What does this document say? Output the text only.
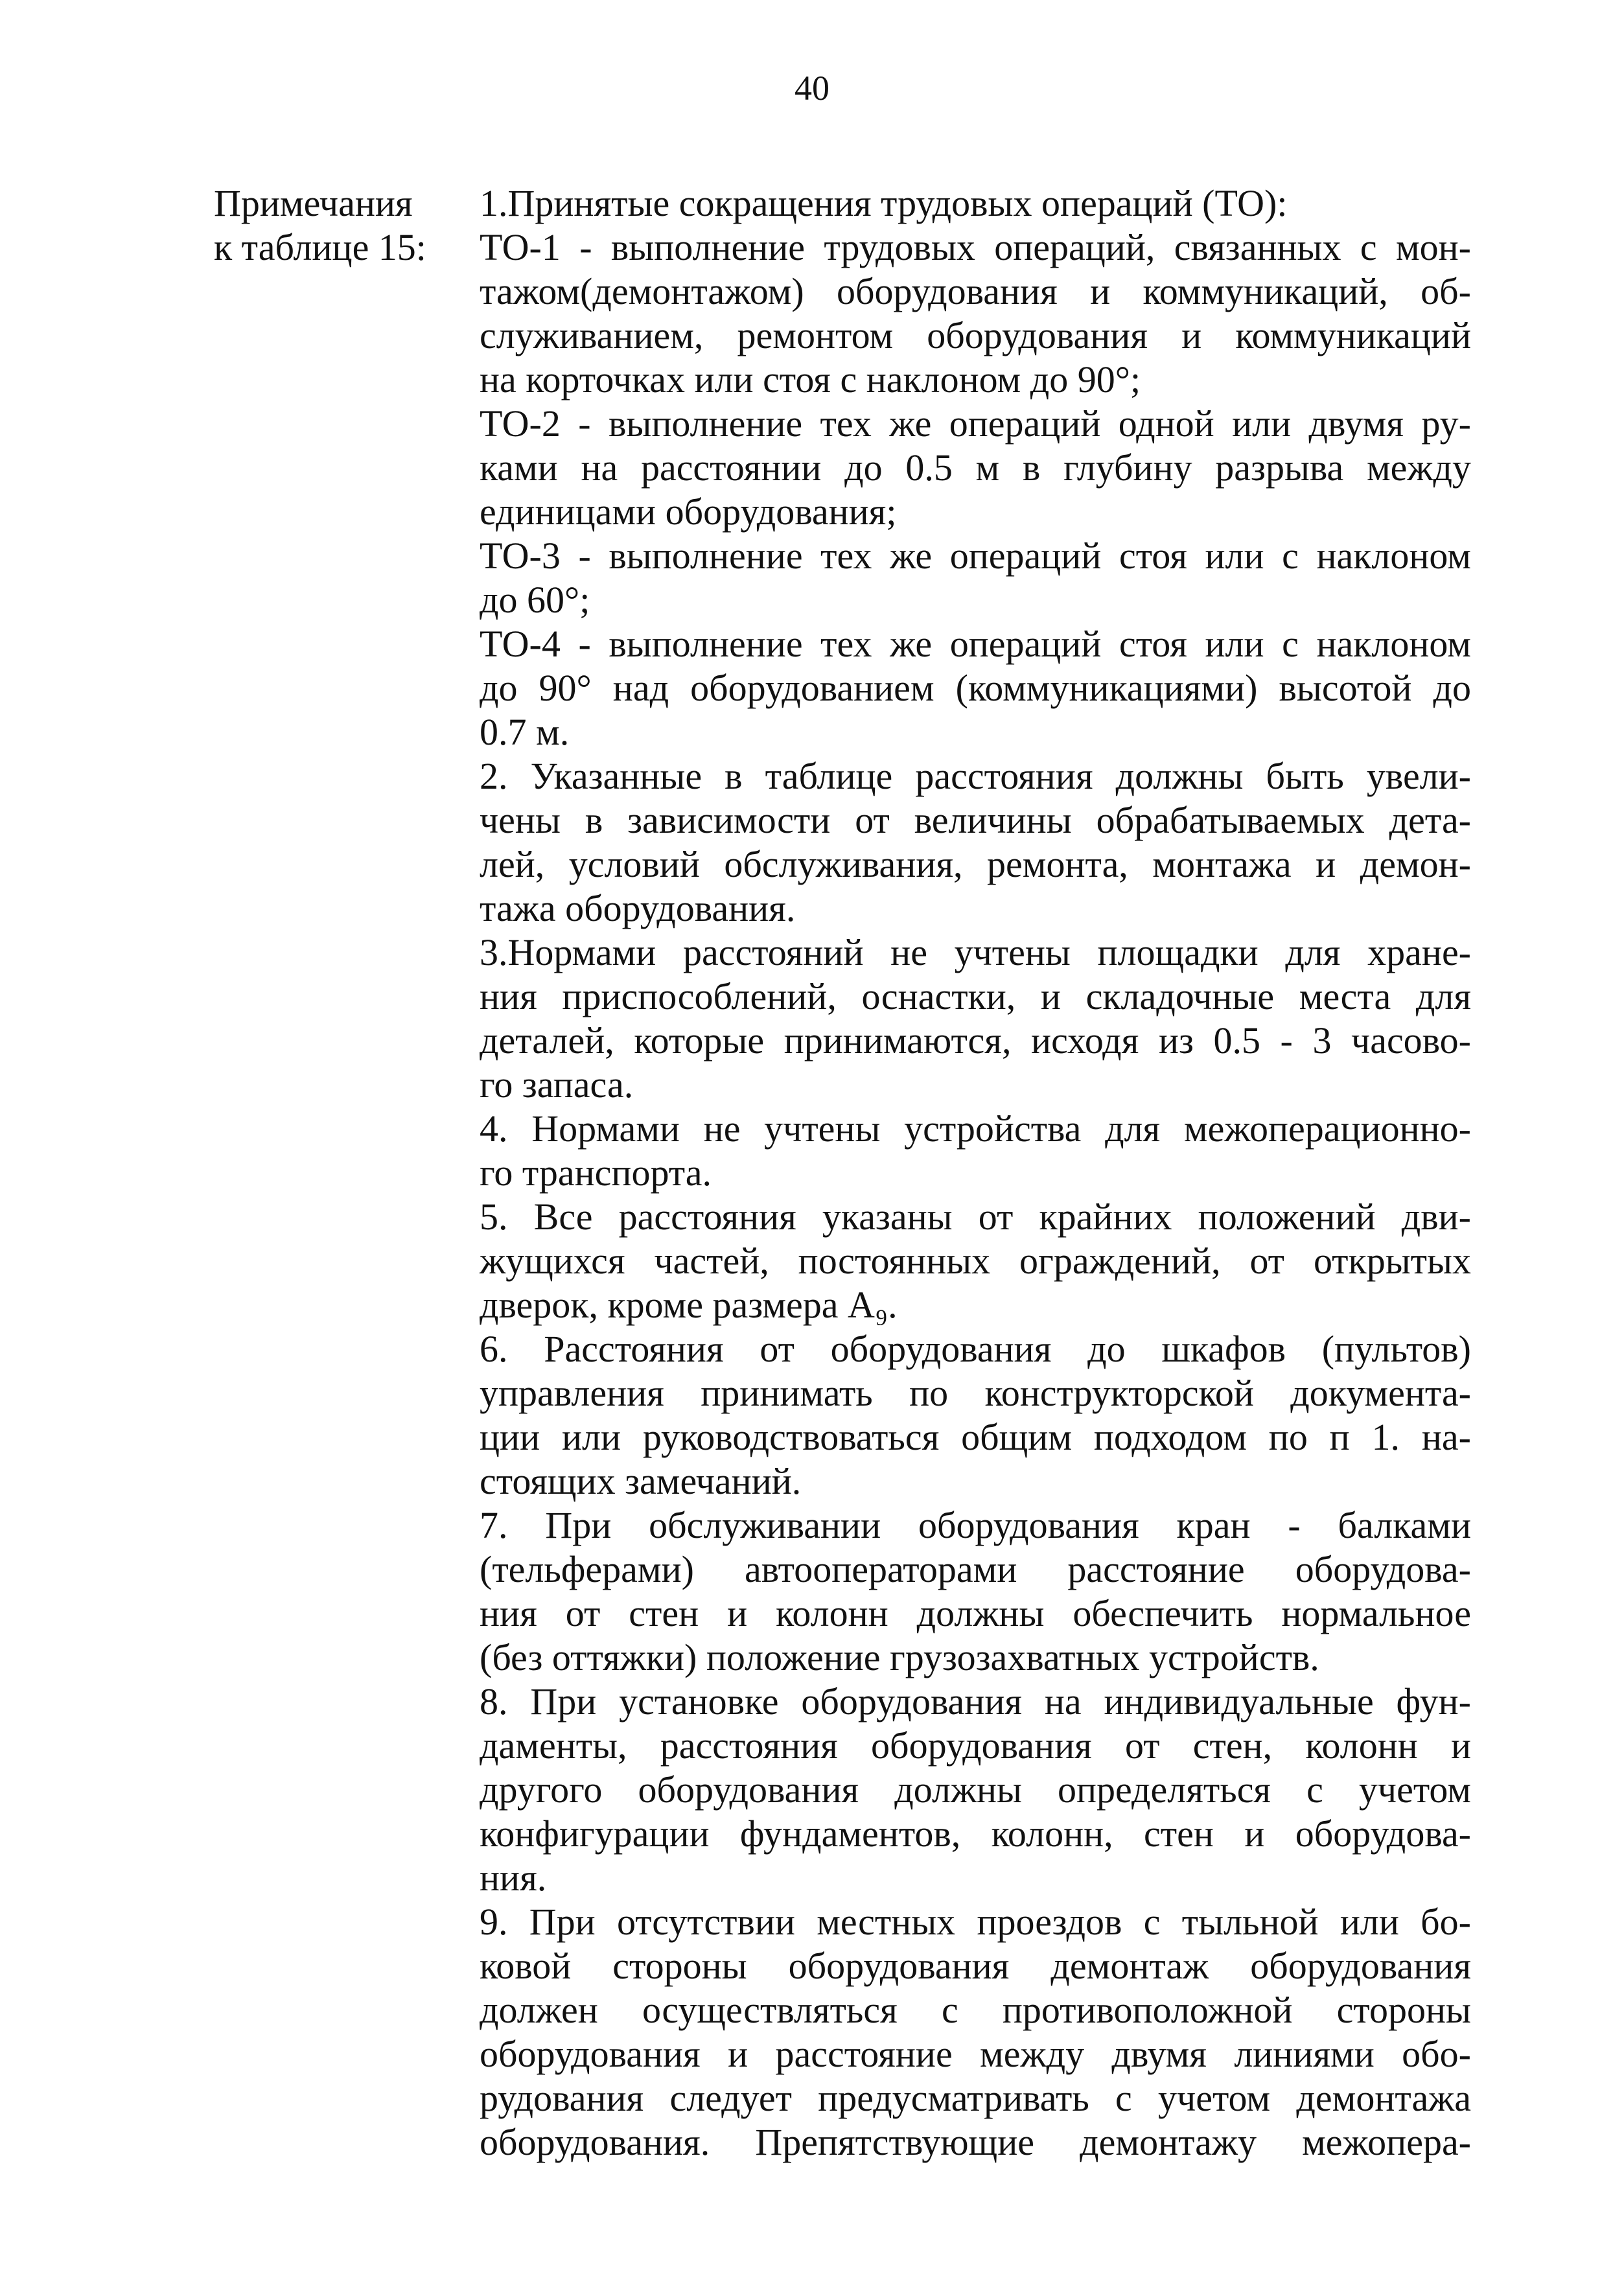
40
Примечания
к таблице 15:
1.Принятые сокращения трудовых операций (ТО):
ТО-1 - выполнение трудовых операций, связанных с мон-
тажом(демонтажом) оборудования и коммуникаций, об-
служиванием, ремонтом оборудования и коммуникаций
на корточках или стоя с наклоном до 90°;
ТО-2 - выполнение тех же операций одной или двумя ру-
ками на расстоянии до 0.5 м в глубину разрыва между
единицами оборудования;
ТО-3 - выполнение тех же операций стоя или с наклоном
до 60°;
ТО-4 - выполнение тех же операций стоя или с наклоном
до 90° над оборудованием (коммуникациями) высотой до
0.7 м.
2. Указанные в таблице расстояния должны быть увели-
чены в зависимости от величины обрабатываемых дета-
лей, условий обслуживания, ремонта, монтажа и демон-
тажа оборудования.
3.Нормами расстояний не учтены площадки для хране-
ния приспособлений, оснастки, и складочные места для
деталей, которые принимаются, исходя из 0.5 - 3 часово-
го запаса.
4. Нормами не учтены устройства для межоперационно-
го транспорта.
5. Все расстояния указаны от крайних положений дви-
жущихся частей, постоянных ограждений, от открытых
дверок, кроме размера А₉.
6. Расстояния от оборудования до шкафов (пультов)
управления принимать по конструкторской документа-
ции или руководствоваться общим подходом по п 1. на-
стоящих замечаний.
7. При обслуживании оборудования кран - балками
(тельферами) автооператорами расстояние оборудова-
ния от стен и колонн должны обеспечить нормальное
(без оттяжки) положение грузозахватных устройств.
8. При установке оборудования на индивидуальные фун-
даменты, расстояния оборудования от стен, колонн и
другого оборудования должны определяться с учетом
конфигурации фундаментов, колонн, стен и оборудова-
ния.
9. При отсутствии местных проездов с тыльной или бо-
ковой стороны оборудования демонтаж оборудования
должен осуществляться с противоположной стороны
оборудования и расстояние между двумя линиями обо-
рудования следует предусматривать с учетом демонтажа
оборудования. Препятствующие демонтажу межопера-
